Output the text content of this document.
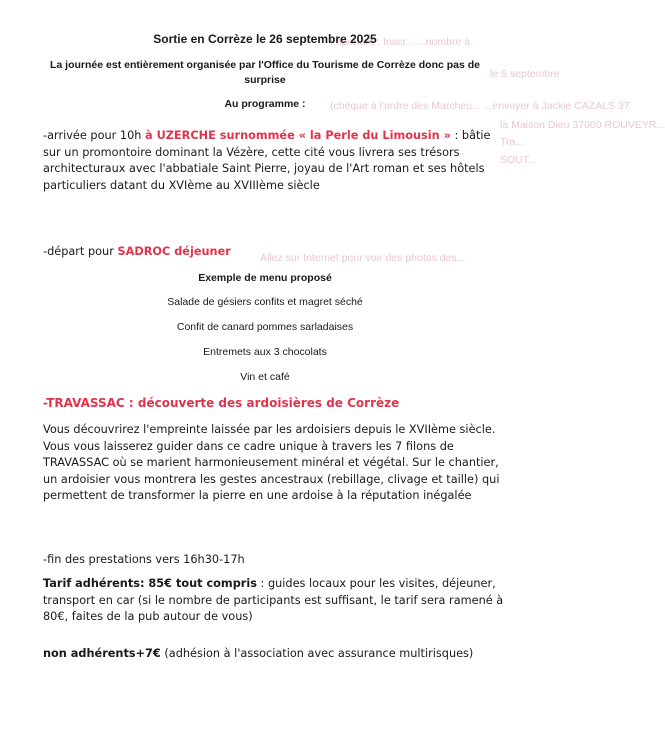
Important : Inscr... ...nombre à
le 5 septembre
(chèque à l'ordre des Marcheu... ...envoyer à Jackie CAZALS 37
la Maison Dieu 37000 ROUVEYR...
Tra...
SOUT...
Allez sur Internet pour voir des photos des...
Sortie en Corrèze le 26 septembre 2025
La journée est entièrement organisée par l'Office du Tourisme de Corrèze donc pas de surprise
Au programme :
-arrivée pour 10h à UZERCHE surnommée « la Perle du Limousin » : bâtie sur un promontoire dominant la Vézère, cette cité vous livrera ses trésors architecturaux avec l'abbatiale Saint Pierre, joyau de l'Art roman et ses hôtels particuliers datant du XVIème au XVIIIème siècle
-départ pour SADROC déjeuner
Exemple de menu proposé
Salade de gésiers confits et magret séché
Confit de canard pommes sarladaises
Entremets aux 3 chocolats
Vin et café
-TRAVASSAC : découverte des ardoisières de Corrèze
Vous découvrirez l'empreinte laissée par les ardoisiers depuis le XVIIème siècle. Vous vous laisserez guider dans ce cadre unique à travers les 7 filons de TRAVASSAC où se marient harmonieusement minéral et végétal. Sur le chantier, un ardoisier vous montrera les gestes ancestraux (rebillage, clivage et taille) qui permettent de transformer la pierre en une ardoise à la réputation inégalée
-fin des prestations vers 16h30-17h
Tarif adhérents: 85€ tout compris : guides locaux pour les visites, déjeuner, transport en car (si le nombre de participants est suffisant, le tarif sera ramené à 80€, faites de la pub autour de vous)
non adhérents+7€ (adhésion à l'association avec assurance multirisques)
